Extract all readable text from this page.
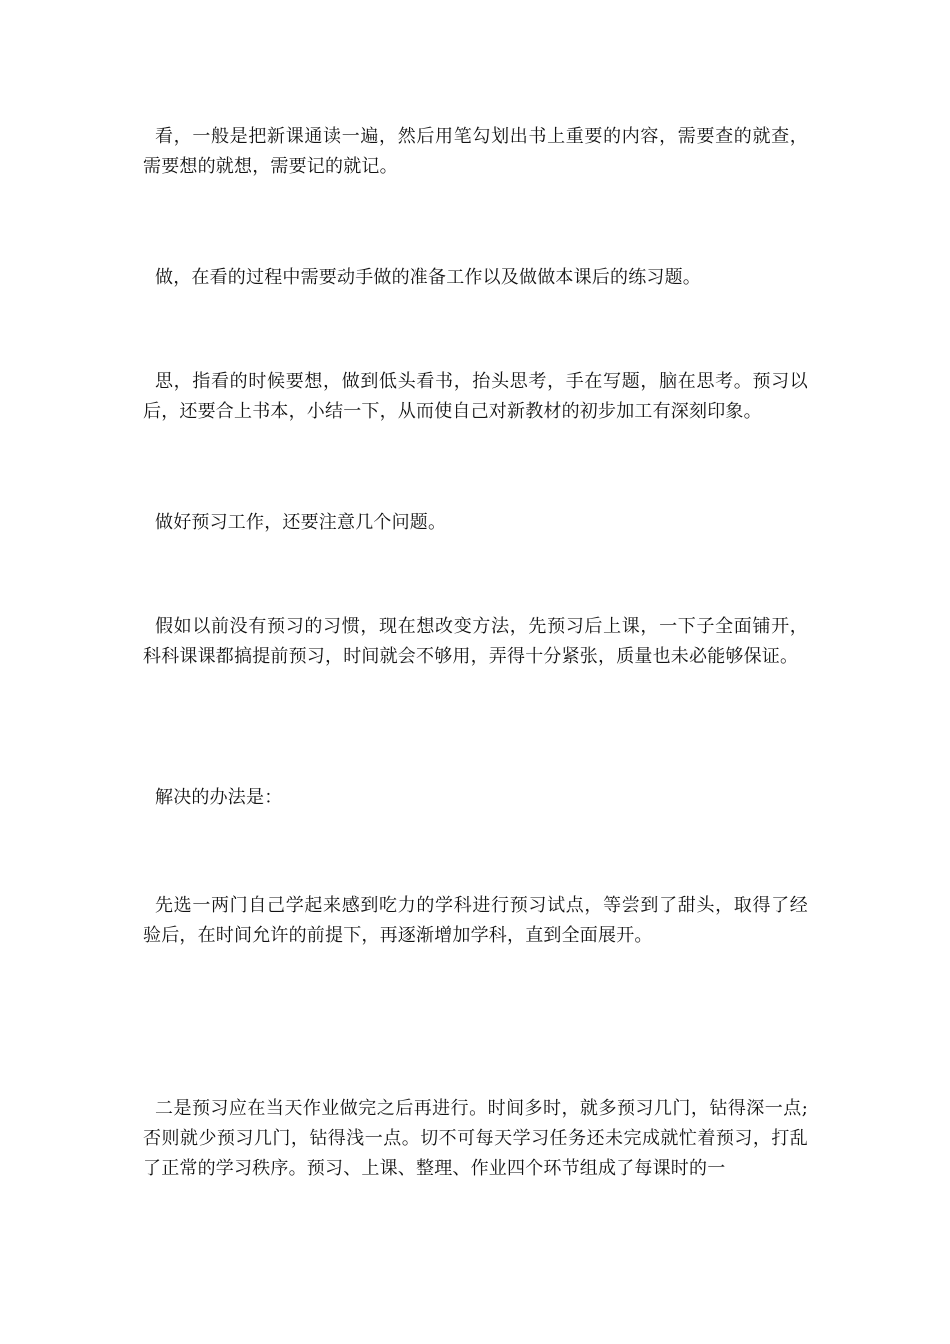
看，一般是把新课通读一遍，然后用笔勾划出书上重要的内容，需要查的就查，需要想的就想，需要记的就记。

做，在看的过程中需要动手做的准备工作以及做做本课后的练习题。

思，指看的时候要想，做到低头看书，抬头思考，手在写题，脑在思考。预习以后，还要合上书本，小结一下，从而使自己对新教材的初步加工有深刻印象。

做好预习工作，还要注意几个问题。

假如以前没有预习的习惯，现在想改变方法，先预习后上课，一下子全面铺开，科科课课都搞提前预习，时间就会不够用，弄得十分紧张，质量也未必能够保证。

解决的办法是：

先选一两门自己学起来感到吃力的学科进行预习试点，等尝到了甜头，取得了经验后，在时间允许的前提下，再逐渐增加学科，直到全面展开。

二是预习应在当天作业做完之后再进行。时间多时，就多预习几门，钻得深一点;否则就少预习几门，钻得浅一点。切不可每天学习任务还未完成就忙着预习，打乱了正常的学习秩序。预习、上课、整理、作业四个环节组成了每课时的一
